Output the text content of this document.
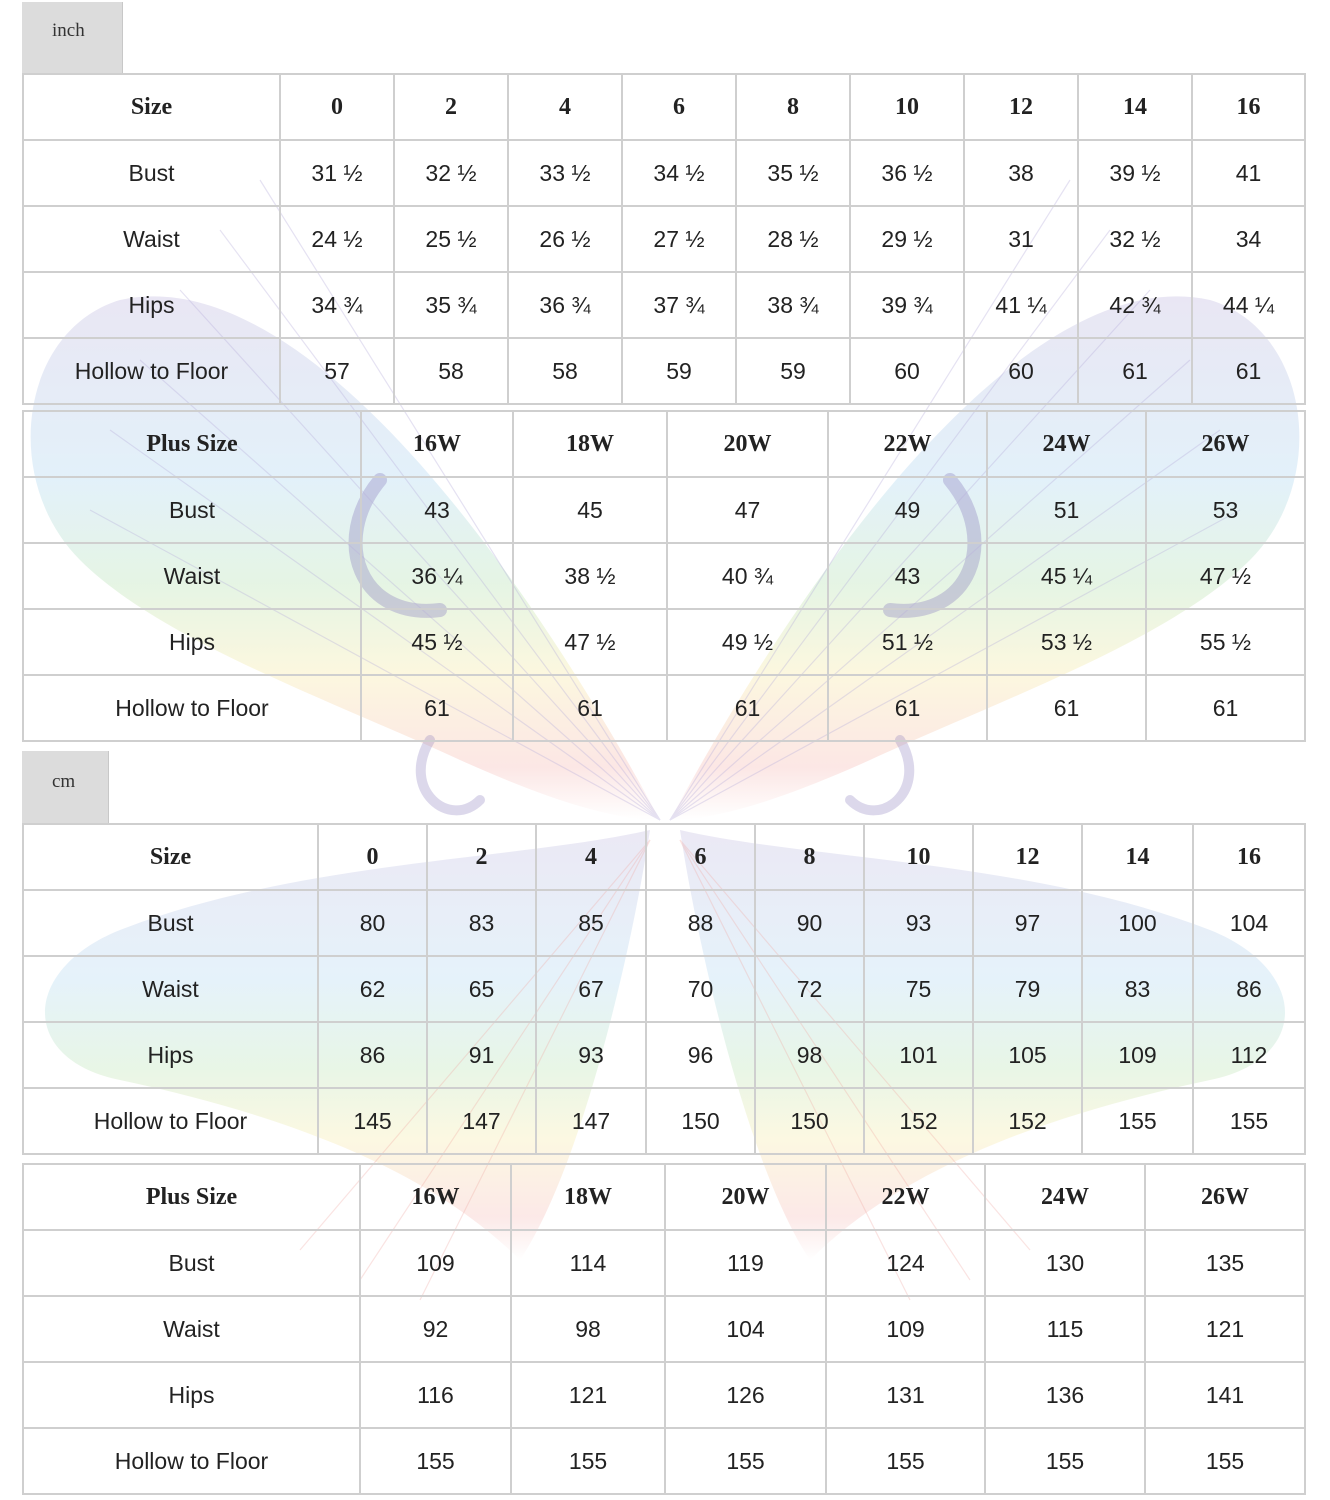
inch
cm
Size	0	2	4	6	8	10	12	14	16
Bust	31 ½	32 ½	33 ½	34 ½	35 ½	36 ½	38	39 ½	41
Waist	24 ½	25 ½	26 ½	27 ½	28 ½	29 ½	31	32 ½	34
Hips	34 ¾	35 ¾	36 ¾	37 ¾	38 ¾	39 ¾	41 ¼	42 ¾	44 ¼
Hollow to Floor	57	58	58	59	59	60	60	61	61
Plus Size	16W	18W	20W	22W	24W	26W
Bust	43	45	47	49	51	53
Waist	36 ¼	38 ½	40 ¾	43	45 ¼	47 ½
Hips	45 ½	47 ½	49 ½	51 ½	53 ½	55 ½
Hollow to Floor	61	61	61	61	61	61
Size	0	2	4	6	8	10	12	14	16
Bust	80	83	85	88	90	93	97	100	104
Waist	62	65	67	70	72	75	79	83	86
Hips	86	91	93	96	98	101	105	109	112
Hollow to Floor	145	147	147	150	150	152	152	155	155
Plus Size	16W	18W	20W	22W	24W	26W
Bust	109	114	119	124	130	135
Waist	92	98	104	109	115	121
Hips	116	121	126	131	136	141
Hollow to Floor	155	155	155	155	155	155
